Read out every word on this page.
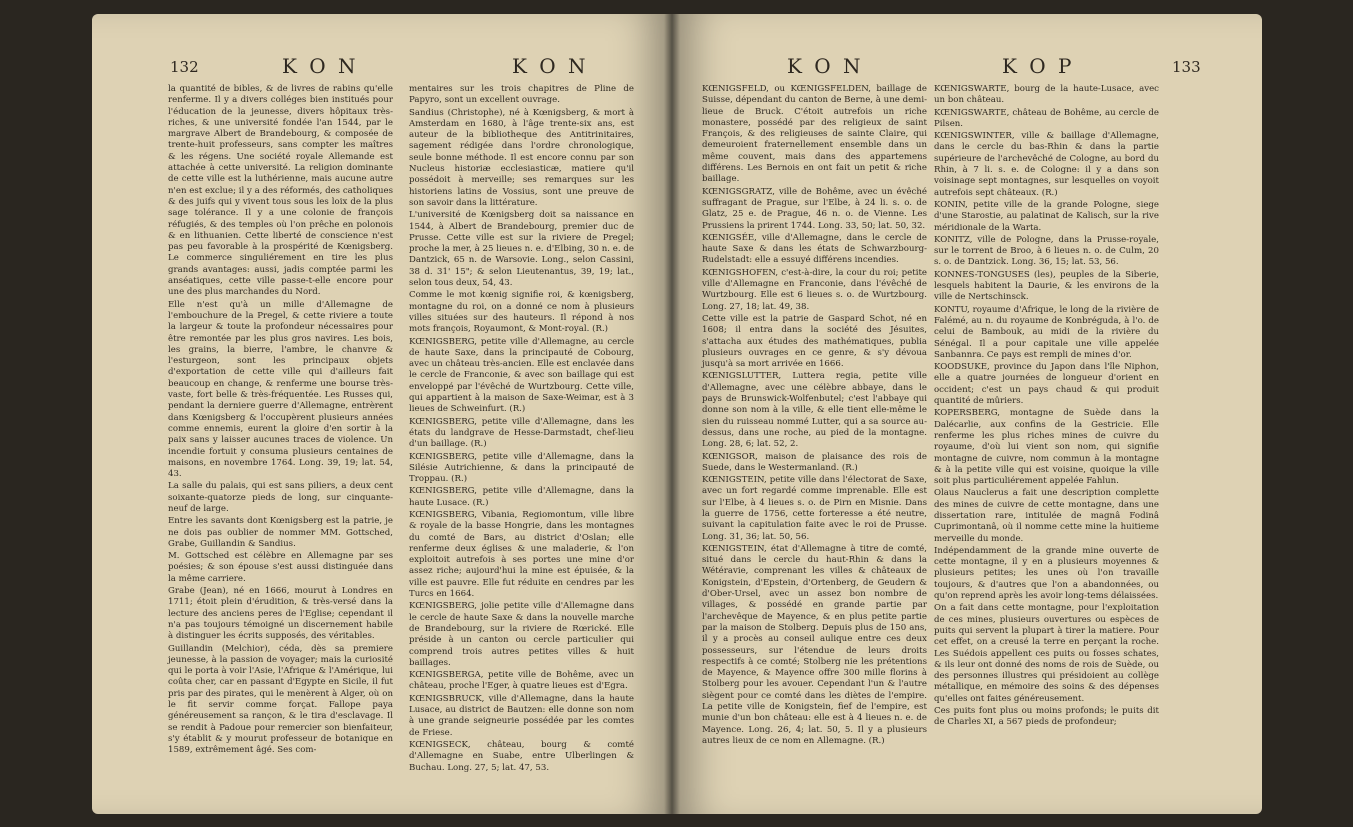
132	K O N	K O N

la quantité de bibles, & de livres de rabins qu'elle renferme. Il y a divers colléges bien institués pour l'éducation de la jeunesse, divers hôpitaux très-riches, & une université fondée l'an 1544, par le margrave Albert de Brandebourg, & composée de trente-huit professeurs, sans compter les maîtres & les régens. Une société royale Allemande est attachée à cette université. La religion dominante de cette ville est la luthérienne, mais aucune autre n'en est exclue; il y a des réformés, des catholiques & des juifs qui y vivent tous sous les loix de la plus sage tolérance. Il y a une colonie de françois réfugiés, & des temples où l'on prêche en polonois & en lithuanien. Cette liberté de conscience n'est pas peu favorable à la prospérité de Kœnigsberg. Le commerce singuliérement en tire les plus grands avantages: aussi, jadis comptée parmi les anséatiques, cette ville passe-t-elle encore pour une des plus marchandes du Nord.

Elle n'est qu'à un mille d'Allemagne de l'embouchure de la Pregel, & cette riviere a toute la largeur & toute la profondeur nécessaires pour être remontée par les plus gros navires. Les bois, les grains, la bierre, l'ambre, le chanvre & l'esturgeon, sont les principaux objets d'exportation de cette ville qui d'ailleurs fait beaucoup en change, & renferme une bourse très-vaste, fort belle & très-fréquentée. Les Russes qui, pendant la derniere guerre d'Allemagne, entrèrent dans Kœnigsberg & l'occupèrent plusieurs années comme ennemis, eurent la gloire d'en sortir à la paix sans y laisser aucunes traces de violence. Un incendie fortuit y consuma plusieurs centaines de maisons, en novembre 1764. Long. 39, 19; lat. 54, 43.

La salle du palais, qui est sans piliers, a deux cent soixante-quatorze pieds de long, sur cinquante-neuf de large.

Entre les savants dont Kœnigsberg est la patrie, je ne dois pas oublier de nommer MM. Gottsched, Grabe, Guillandin & Sandius.

M. Gottsched est célèbre en Allemagne par ses poésies; & son épouse s'est aussi distinguée dans la même carriere.

Grabe (Jean), né en 1666, mourut à Londres en 1711; étoit plein d'érudition, & très-versé dans la lecture des anciens peres de l'Eglise; cependant il n'a pas toujours témoigné un discernement habile à distinguer les écrits supposés, des véritables.

Guillandin (Melchior), céda, dès sa premiere jeunesse, à la passion de voyager; mais la curiosité qui le porta à voir l'Asie, l'Afrique & l'Amérique, lui coûta cher, car en passant d'Egypte en Sicile, il fut pris par des pirates, qui le menèrent à Alger, où on le fit servir comme forçat. Fallope paya généreusement sa rançon, & le tira d'esclavage. Il se rendit à Padoue pour remercier son bienfaiteur, s'y établit & y mourut professeur de botanique en 1589, extrêmement âgé. Ses com-

mentaires sur les trois chapitres de Pline de Papyro, sont un excellent ouvrage.

Sandius (Christophe), né à Kœnigsberg, & mort à Amsterdam en 1680, à l'âge trente-six ans, est auteur de la bibliotheque des Antitrinitaires, sagement rédigée dans l'ordre chronologique, seule bonne méthode. Il est encore connu par son Nucleus historiæ ecclesiasticæ, matiere qu'il possédoit à merveille; ses remarques sur les historiens latins de Vossius, sont une preuve de son savoir dans la littérature.

L'université de Kœnigsberg doit sa naissance en 1544, à Albert de Brandebourg, premier duc de Prusse. Cette ville est sur la riviere de Pregel; proche la mer, à 25 lieues n. e. d'Elbing, 30 n. e. de Dantzick, 65 n. de Warsovie. Long., selon Cassini, 38 d. 31' 15"; & selon Lieutenantus, 39, 19; lat., selon tous deux, 54, 43.

Comme le mot kœnig signifie roi, & kœnigsberg, montagne du roi, on a donné ce nom à plusieurs villes situées sur des hauteurs. Il répond à nos mots françois, Royaumont, & Mont-royal. (R.)

KŒNIGSBERG, petite ville d'Allemagne, au cercle de haute Saxe, dans la principauté de Cobourg, avec un château très-ancien. Elle est enclavée dans le cercle de Franconie, & avec son baillage qui est enveloppé par l'évêché de Wurtzbourg. Cette ville, qui appartient à la maison de Saxe-Weimar, est à 3 lieues de Schweinfurt. (R.)

KŒNIGSBERG, petite ville d'Allemagne, dans les états du landgrave de Hesse-Darmstadt, chef-lieu d'un baillage. (R.)

KŒNIGSBERG, petite ville d'Allemagne, dans la Silésie Autrichienne, & dans la principauté de Troppau. (R.)

KŒNIGSBERG, petite ville d'Allemagne, dans la haute Lusace. (R.)

KŒNIGSBERG, Vibania, Regiomontum, ville libre & royale de la basse Hongrie, dans les montagnes du comté de Bars, au district d'Oslan; elle renferme deux églises & une maladerie, & l'on exploitoit autrefois à ses portes une mine d'or assez riche; aujourd'hui la mine est épuisée, & la ville est pauvre. Elle fut réduite en cendres par les Turcs en 1664.

KŒNIGSBERG, jolie petite ville d'Allemagne dans le cercle de haute Saxe & dans la nouvelle marche de Brandebourg, sur la riviere de Rœrické. Elle préside à un canton ou cercle particulier qui comprend trois autres petites villes & huit baillages.

KŒNIGSBERGA, petite ville de Bohême, avec un château, proche l'Eger, à quatre lieues est d'Egra.

KŒNIGSBRUCK, ville d'Allemagne, dans la haute Lusace, au district de Bautzen: elle donne son nom à une grande seigneurie possédée par les comtes de Friese.

KŒNIGSECK, château, bourg & comté d'Allemagne en Suabe, entre Ulberlingen & Buchau. Long. 27, 5; lat. 47, 53.

K O N	K O P	133

KŒNIGSFELD, ou KŒNIGSFELDEN, baillage de Suisse, dépendant du canton de Berne, à une demi-lieue de Bruck. C'étoit autrefois un riche monastere, possédé par des religieux de saint François, & des religieuses de sainte Claire, qui demeuroient fraternellement ensemble dans un même couvent, mais dans des appartemens différens. Les Bernois en ont fait un petit & riche baillage.

KŒNIGSGRATZ, ville de Bohême, avec un évêché suffragant de Prague, sur l'Elbe, à 24 li. s. o. de Glatz, 25 e. de Prague, 46 n. o. de Vienne. Les Prussiens la prirent 1744. Long. 33, 50; lat. 50, 32.

KŒNIGSÉE, ville d'Allemagne, dans le cercle de haute Saxe & dans les états de Schwarzbourg-Rudelstadt: elle a essuyé différens incendies.

KŒNIGSHOFEN, c'est-à-dire, la cour du roi; petite ville d'Allemagne en Franconie, dans l'évêché de Wurtzbourg. Elle est 6 lieues s. o. de Wurtzbourg. Long. 27, 18; lat. 49, 38.

Cette ville est la patrie de Gaspard Schot, né en 1608; il entra dans la société des Jésuites, s'attacha aux études des mathématiques, publia plusieurs ouvrages en ce genre, & s'y dévoua jusqu'à sa mort arrivée en 1666.

KŒNIGSLUTTER, Luttera regia, petite ville d'Allemagne, avec une célèbre abbaye, dans le pays de Brunswick-Wolfenbutel; c'est l'abbaye qui donne son nom à la ville, & elle tient elle-même le sien du ruisseau nommé Lutter, qui a sa source au-dessus, dans une roche, au pied de la montagne. Long. 28, 6; lat. 52, 2.

KŒNIGSOR, maison de plaisance des rois de Suede, dans le Westermanland. (R.)

KŒNIGSTEIN, petite ville dans l'électorat de Saxe, avec un fort regardé comme imprenable. Elle est sur l'Elbe, à 4 lieues s. o. de Pirn en Misnie. Dans la guerre de 1756, cette forteresse a été neutre, suivant la capitulation faite avec le roi de Prusse. Long. 31, 36; lat. 50, 56.

KŒNIGSTEIN, état d'Allemagne à titre de comté, situé dans le cercle du haut-Rhin & dans la Wétéravie, comprenant les villes & châteaux de Konigstein, d'Epstein, d'Ortenberg, de Geudern & d'Ober-Ursel, avec un assez bon nombre de villages, & possédé en grande partie par l'archevêque de Mayence, & en plus petite partie par la maison de Stolberg. Depuis plus de 150 ans, il y a procès au conseil aulique entre ces deux possesseurs, sur l'étendue de leurs droits respectifs à ce comté; Stolberg nie les prétentions de Mayence, & Mayence offre 300 mille florins à Stolberg pour les avouer. Cependant l'un & l'autre siègent pour ce comté dans les diètes de l'empire. La petite ville de Konigstein, fief de l'empire, est munie d'un bon château: elle est à 4 lieues n. e. de Mayence. Long. 26, 4; lat. 50, 5. Il y a plusieurs autres lieux de ce nom en Allemagne. (R.)

KŒNIGSWARTE, bourg de la haute-Lusace, avec un bon château.

KŒNIGSWARTE, château de Bohême, au cercle de Pilsen.

KŒNIGSWINTER, ville & baillage d'Allemagne, dans le cercle du bas-Rhin & dans la partie supérieure de l'archevêché de Cologne, au bord du Rhin, à 7 li. s. e. de Cologne: il y a dans son voisinage sept montagnes, sur lesquelles on voyoit autrefois sept châteaux. (R.)

KONIN, petite ville de la grande Pologne, siege d'une Starostie, au palatinat de Kalisch, sur la rive méridionale de la Warta.

KONITZ, ville de Pologne, dans la Prusse-royale, sur le torrent de Broo, à 6 lieues n. o. de Culm, 20 s. o. de Dantzick. Long. 36, 15; lat. 53, 56.

KONNES-TONGUSES (les), peuples de la Siberie, lesquels habitent la Daurie, & les environs de la ville de Nertschinsck.

KONTU, royaume d'Afrique, le long de la rivière de Falémé, au n. du royaume de Konbréguda, à l'o. de celui de Bambouk, au midi de la rivière du Sénégal. Il a pour capitale une ville appelée Sanbannra. Ce pays est rempli de mines d'or.

KOODSUKE, province du Japon dans l'île Niphon, elle a quatre journées de longueur d'orient en occident; c'est un pays chaud & qui produit quantité de mûriers.

KOPERSBERG, montagne de Suède dans la Dalécarlie, aux confins de la Gestricie. Elle renferme les plus riches mines de cuivre du royaume, d'où lui vient son nom, qui signifie montagne de cuivre, nom commun à la montagne & à la petite ville qui est voisine, quoique la ville soit plus particuliérement appelée Fahlun.

Olaus Nauclerus a fait une description complette des mines de cuivre de cette montagne, dans une dissertation rare, intitulée de magnâ Fodinâ Cuprimontanâ, où il nomme cette mine la huitieme merveille du monde.

Indépendamment de la grande mine ouverte de cette montagne, il y en a plusieurs moyennes & plusieurs petites; les unes où l'on travaille toujours, & d'autres que l'on a abandonnées, ou qu'on reprend après les avoir long-tems délaissées.

On a fait dans cette montagne, pour l'exploitation de ces mines, plusieurs ouvertures ou espèces de puits qui servent la plupart à tirer la matiere. Pour cet effet, on a creusé la terre en perçant la roche. Les Suédois appellent ces puits ou fosses schates, & ils leur ont donné des noms de rois de Suède, ou des personnes illustres qui présidoient au collège métallique, en mémoire des soins & des dépenses qu'elles ont faites généreusement.

Ces puits font plus ou moins profonds; le puits dit de Charles XI, a 567 pieds de profondeur;
